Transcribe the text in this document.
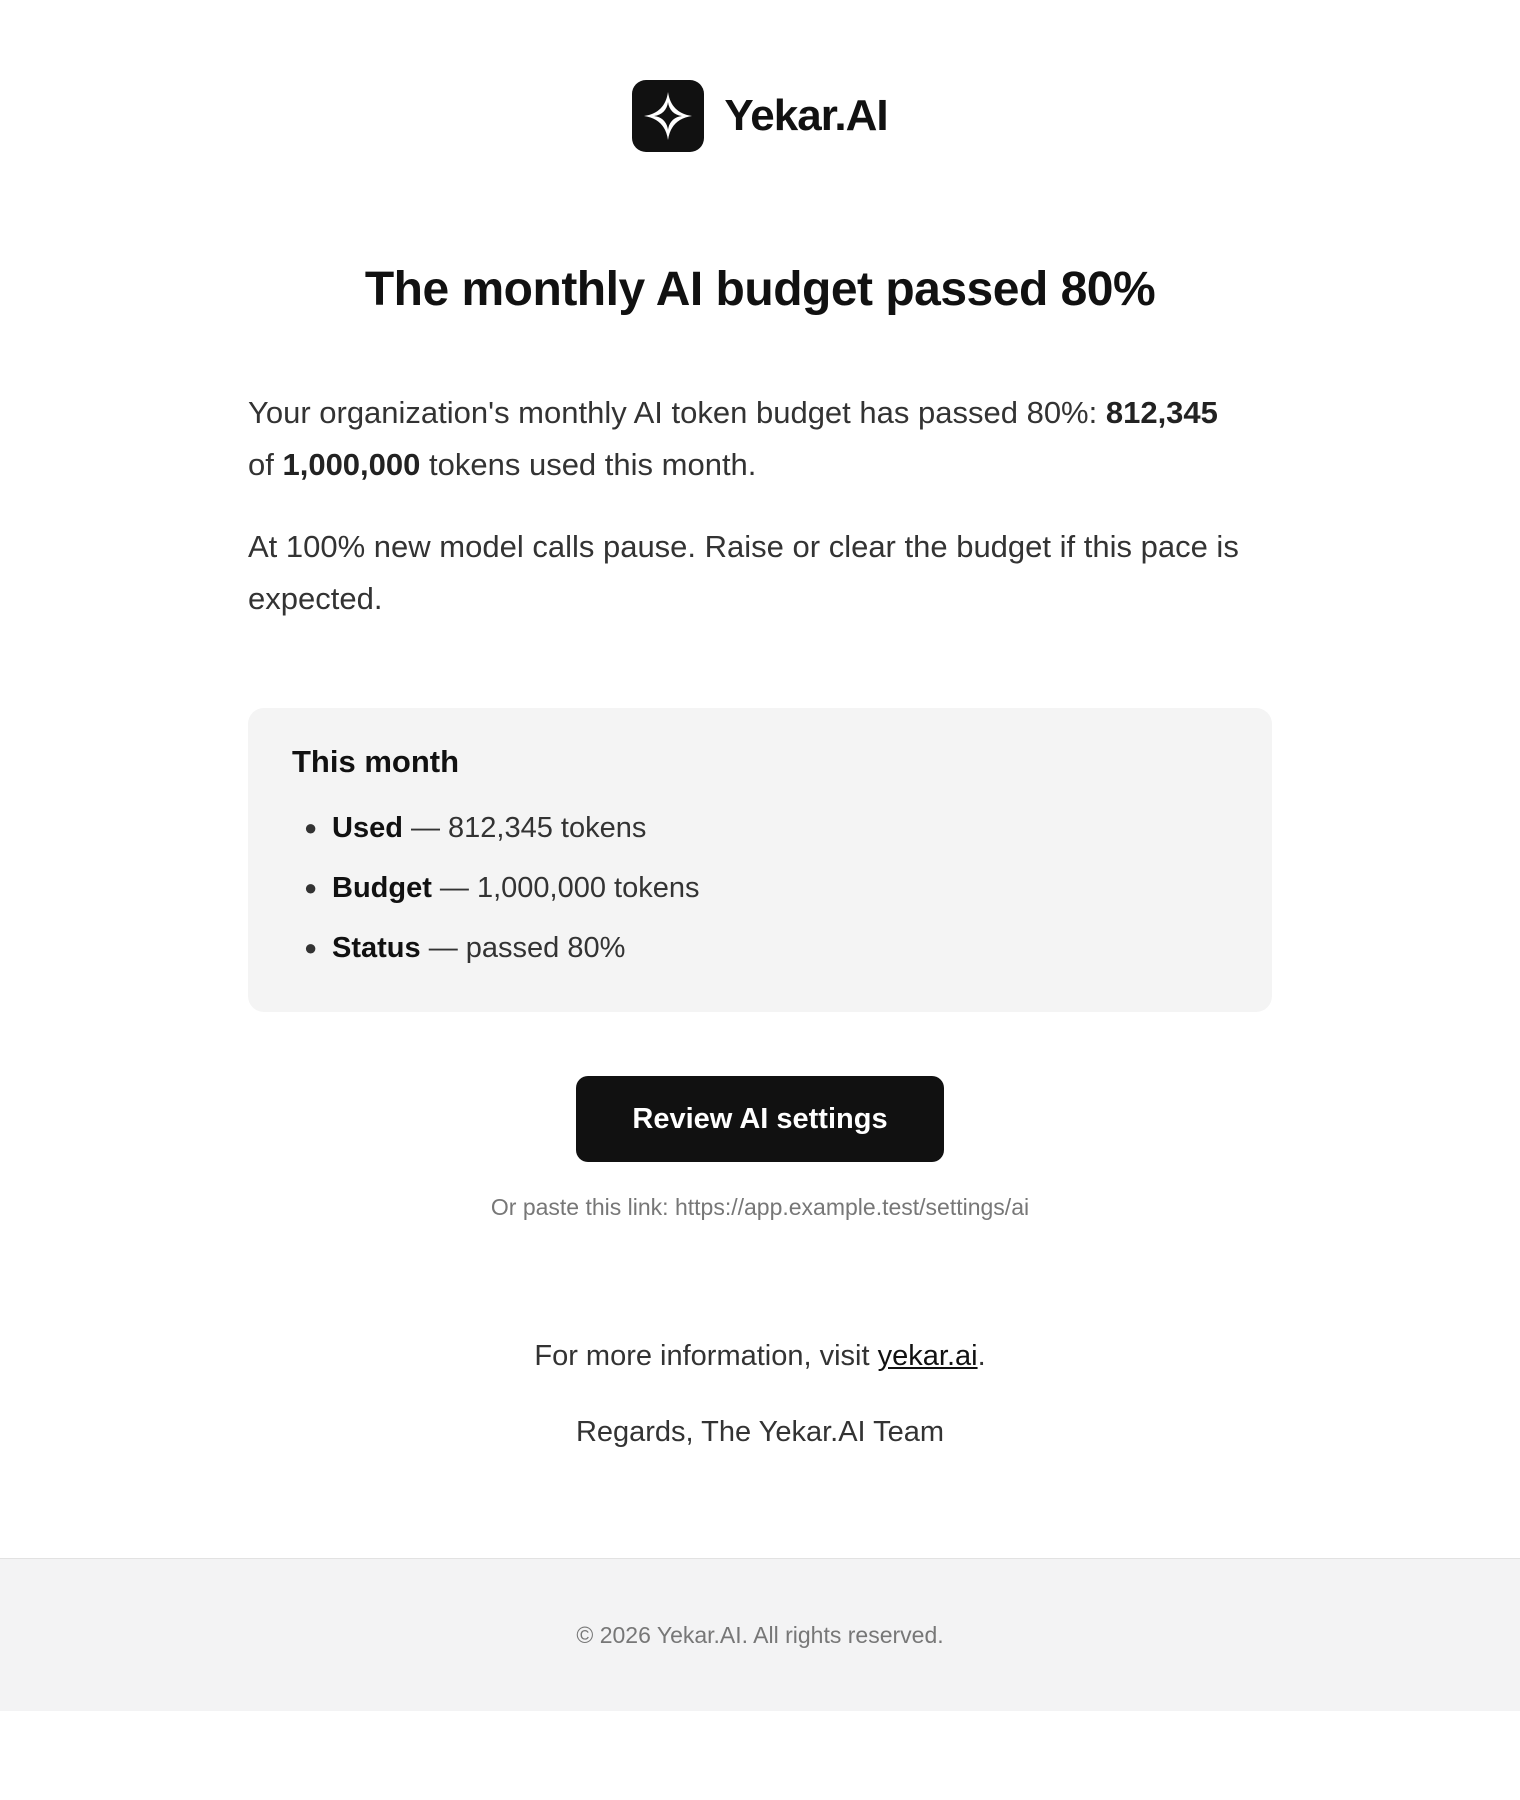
Yekar.AI
The monthly AI budget passed 80%

Your organization's monthly AI token budget has passed 80%: 812,345
of 1,000,000 tokens used this month.

At 100% new model calls pause. Raise or clear the budget if this pace is expected.

This month
● Used — 812,345 tokens
● Budget — 1,000,000 tokens
● Status — passed 80%
Review AI settings
Or paste this link: https://app.example.test/settings/ai
For more information, visit yekar.ai.
Regards, The Yekar.AI Team
© 2026 Yekar.AI. All rights reserved.
